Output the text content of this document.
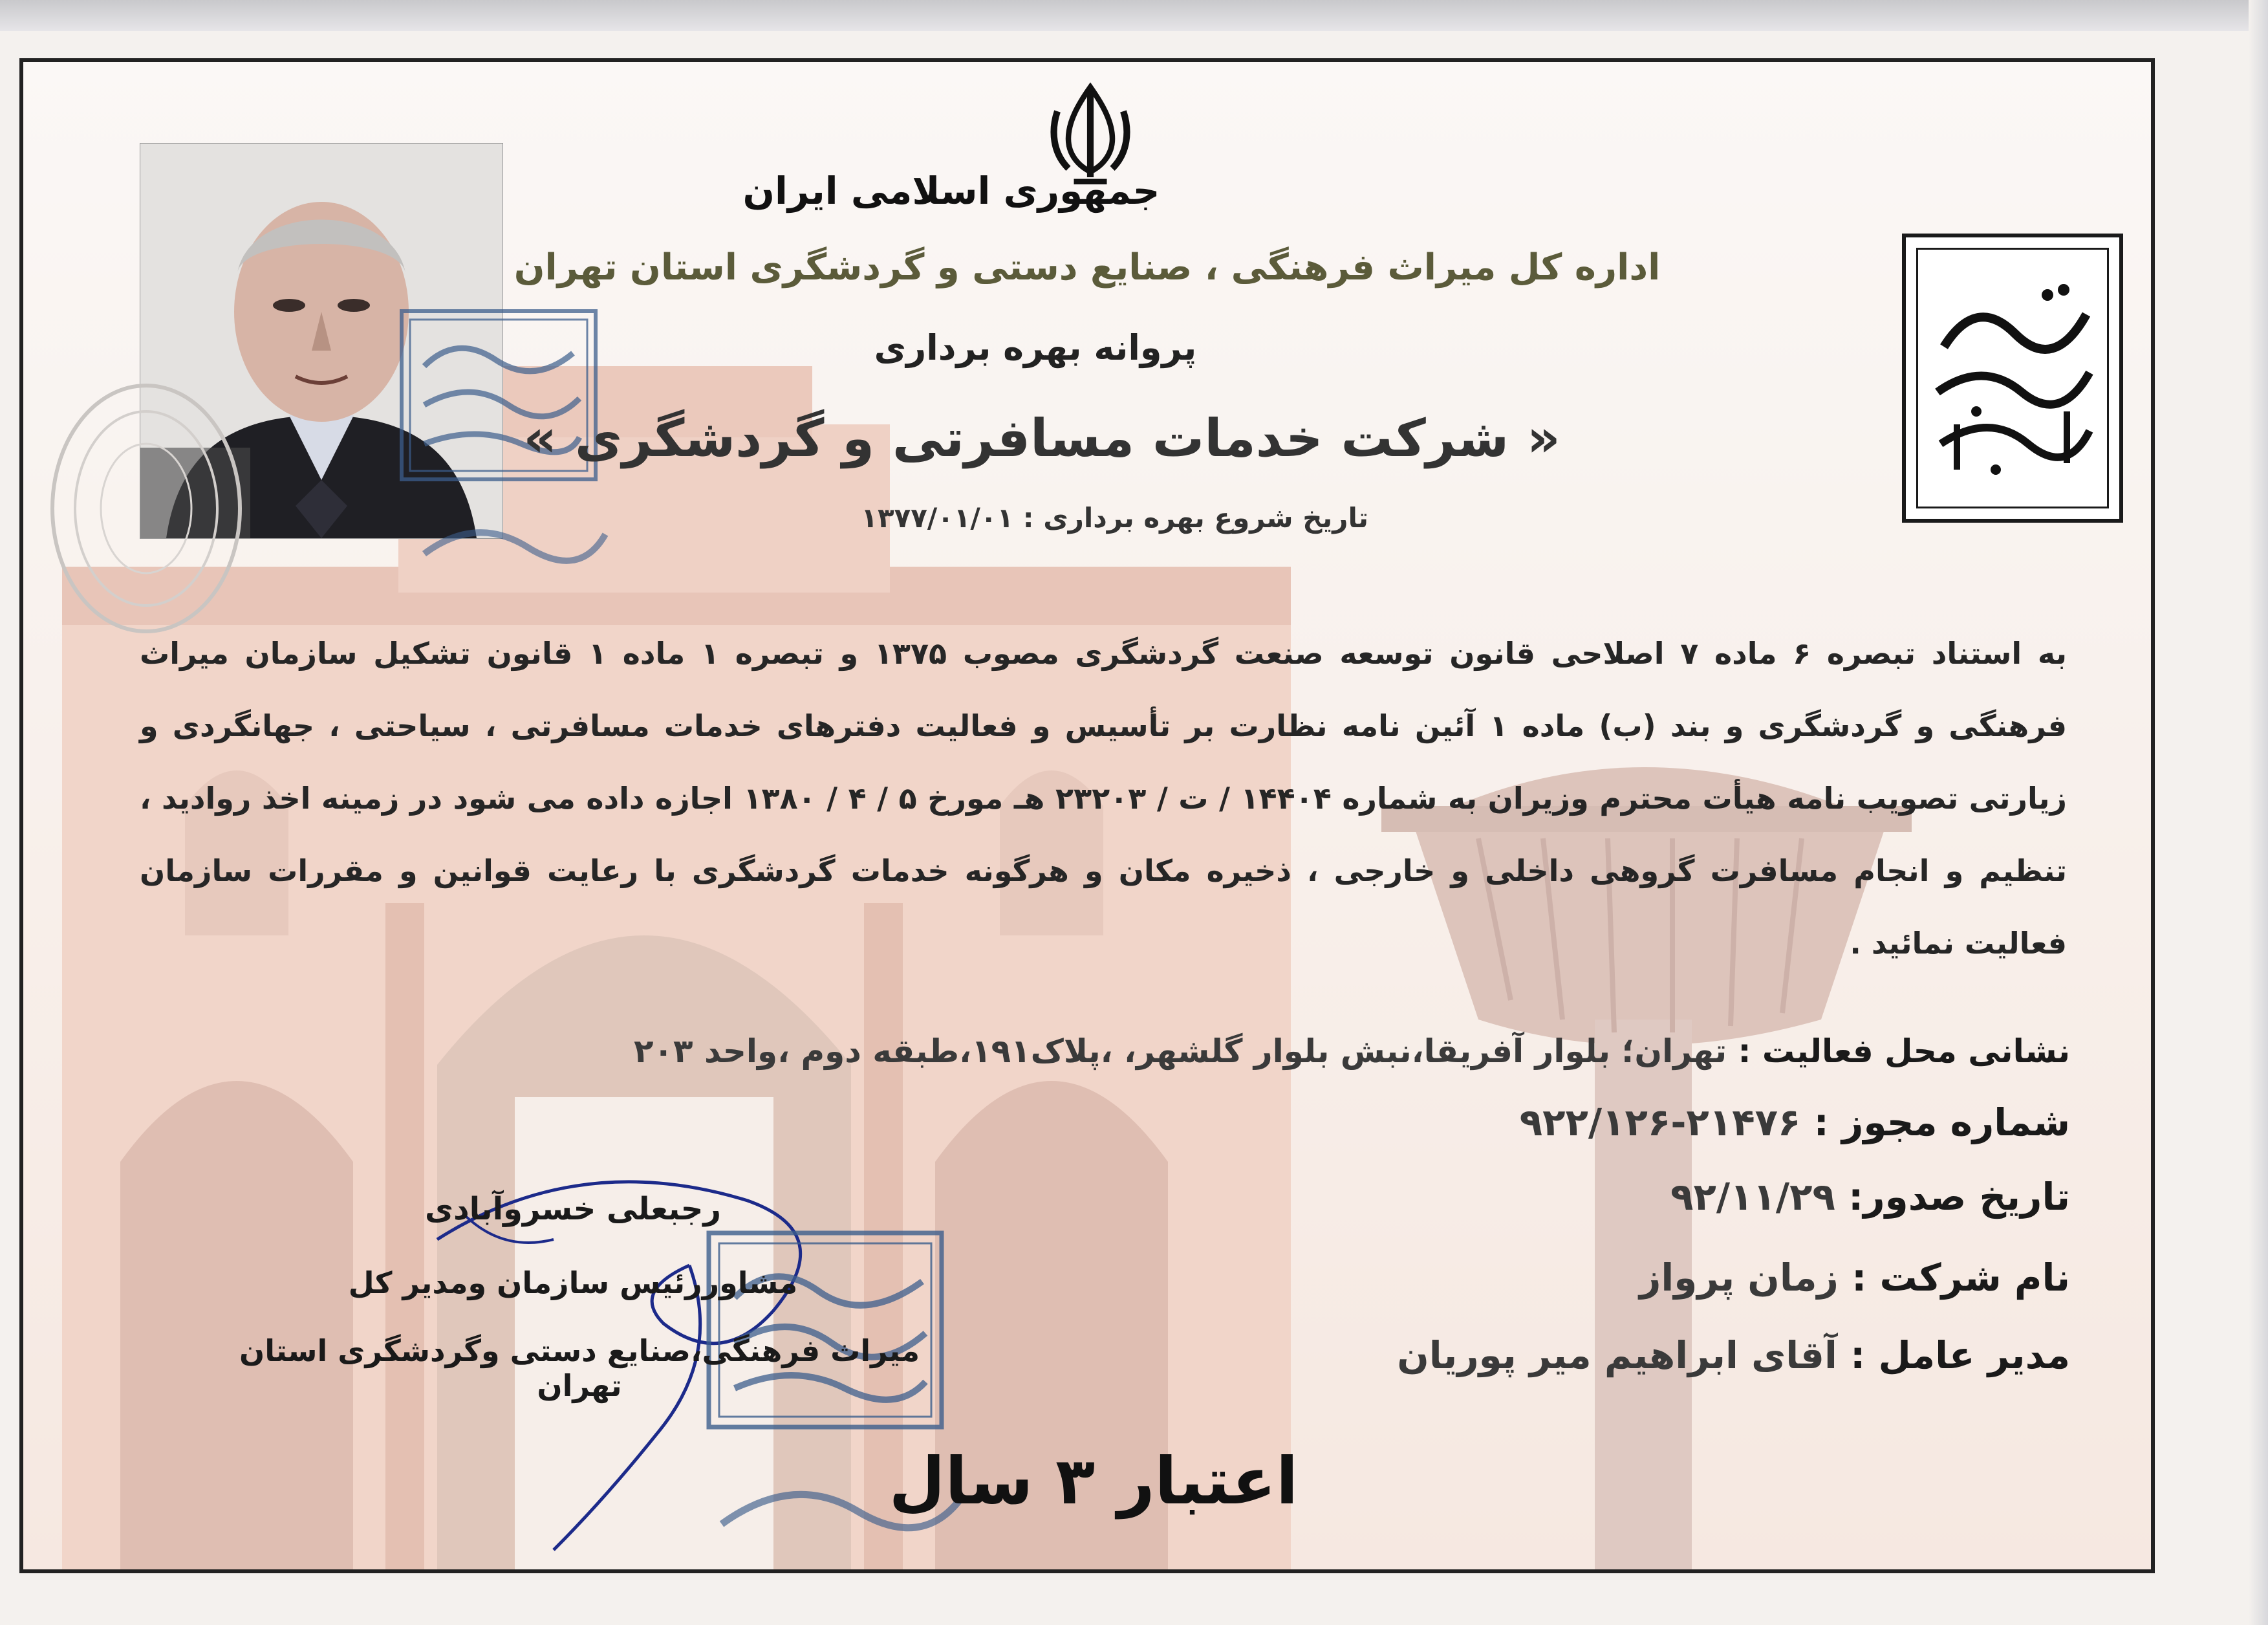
جمهوری اسلامی ایران
اداره کل میراث فرهنگی ، صنایع دستی و گردشگری استان تهران
پروانه بهره برداری
« شرکت خدمات مسافرتی و گردشگری »
تاریخ شروع بهره برداری : ۱۳۷۷/۰۱/۰۱
به استناد تبصره ۶ ماده ۷ اصلاحی قانون توسعه صنعت گردشگری مصوب ۱۳۷۵ و تبصره ۱ ماده ۱ قانون تشکیل سازمان میراث فرهنگی و گردشگری و بند (ب) ماده ۱ آئین نامه نظارت بر تأسیس و فعالیت دفترهای خدمات مسافرتی ، سیاحتی ، جهانگردی و زیارتی تصویب نامه هیأت محترم وزیران به شماره ۱۴۴۰۴ / ت / ۲۳۲۰۳ هـ مورخ ۵ / ۴ / ۱۳۸۰ اجازه داده می شود در زمینه اخذ روادید ، تنظیم و انجام مسافرت گروهی داخلی و خارجی ، ذخیره مکان و هرگونه خدمات گردشگری با رعایت قوانین و مقررات سازمان فعالیت نمائید .
نشانی محل فعالیت : تهران؛ بلوار آفریقا،نبش بلوار گلشهر، ،پلاک۱۹۱،طبقه دوم ،واحد ۲۰۳
شماره مجوز : ۲۱۴۷۶-۹۲۲/۱۲۶
تاریخ صدور: ۹۲/۱۱/۲۹
نام شرکت : زمان پرواز
مدیر عامل : آقای ابراهیم میر پوریان
رجبعلی خسروآبادی
مشاوررئیس سازمان ومدیر کل
میراث فرهنگی،صنایع دستی وگردشگری استان تهران
اعتبار ۳ سال
